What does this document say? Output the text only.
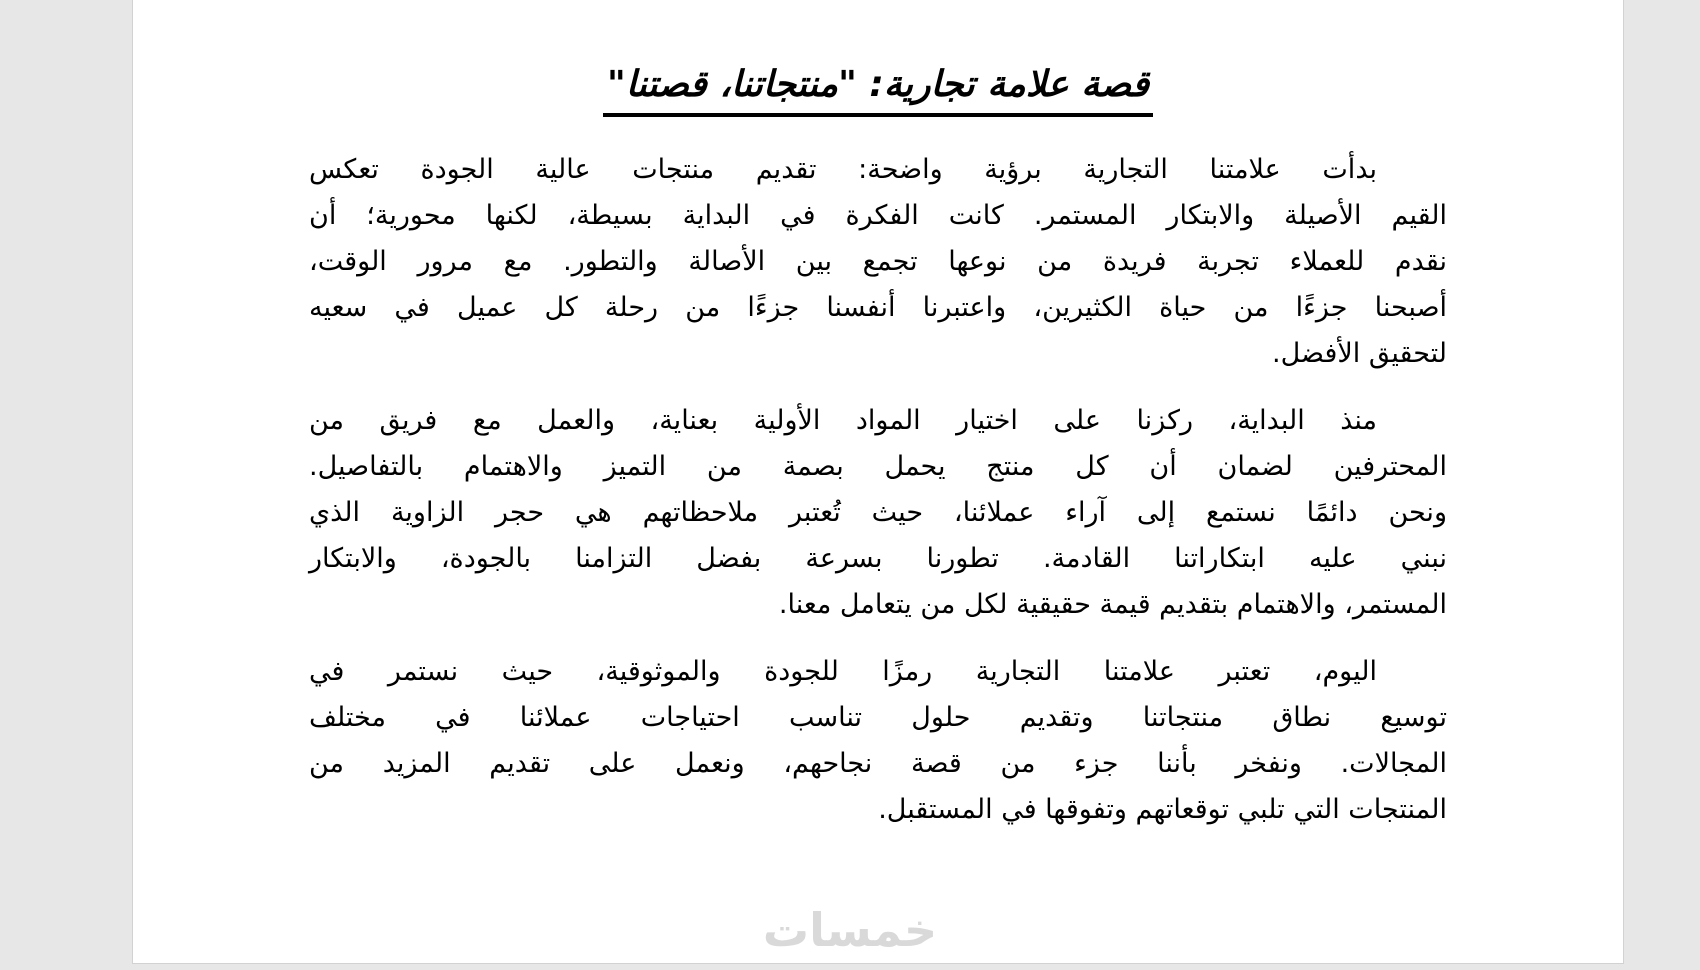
قصة علامة تجارية: "منتجاتنا، قصتنا"
بدأت علامتنا التجارية برؤية واضحة: تقديم منتجات عالية الجودة تعكس
القيم الأصيلة والابتكار المستمر. كانت الفكرة في البداية بسيطة، لكنها محورية؛ أن
نقدم للعملاء تجربة فريدة من نوعها تجمع بين الأصالة والتطور. مع مرور الوقت،
أصبحنا جزءًا من حياة الكثيرين، واعتبرنا أنفسنا جزءًا من رحلة كل عميل في سعيه
لتحقيق الأفضل.
منذ البداية، ركزنا على اختيار المواد الأولية بعناية، والعمل مع فريق من
المحترفين لضمان أن كل منتج يحمل بصمة من التميز والاهتمام بالتفاصيل.
ونحن دائمًا نستمع إلى آراء عملائنا، حيث تُعتبر ملاحظاتهم هي حجر الزاوية الذي
نبني عليه ابتكاراتنا القادمة. تطورنا بسرعة بفضل التزامنا بالجودة، والابتكار
المستمر، والاهتمام بتقديم قيمة حقيقية لكل من يتعامل معنا.
اليوم، تعتبر علامتنا التجارية رمزًا للجودة والموثوقية، حيث نستمر في
توسيع نطاق منتجاتنا وتقديم حلول تناسب احتياجات عملائنا في مختلف
المجالات. ونفخر بأننا جزء من قصة نجاحهم، ونعمل على تقديم المزيد من
المنتجات التي تلبي توقعاتهم وتفوقها في المستقبل.
خمسات
